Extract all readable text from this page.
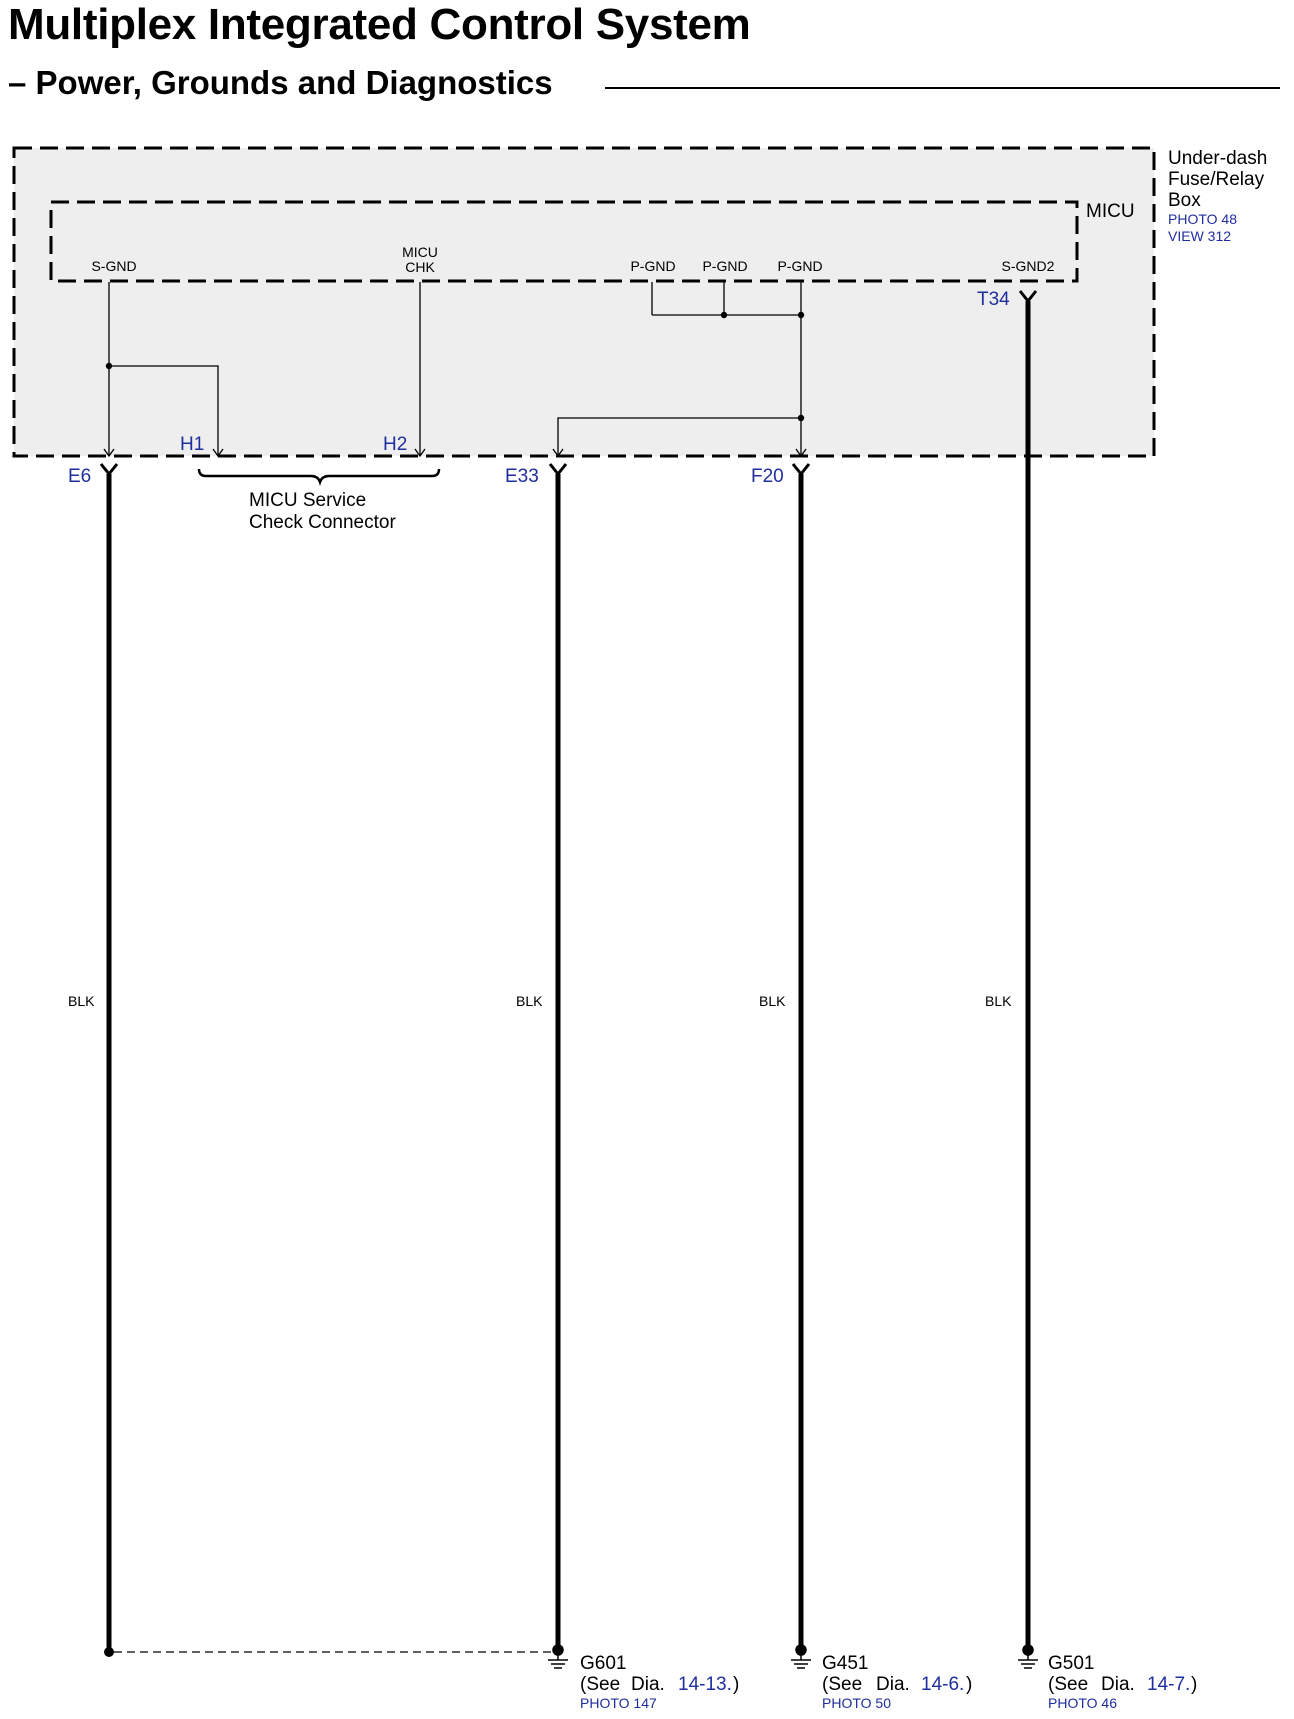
Multiplex Integrated Control System
– Power, Grounds and Diagnostics
Under-dash
Fuse/Relay
Box
PHOTO 48
VIEW 312
MICU
S-GND
MICU
CHK	P-GND P-GND P-GND	S-GND2
E6
H1	H2
E33	F20
T34
MICU Service
Check Connector
BLK	BLK	BLK	BLK
G601
(See Dia. 14-13. )
PHOTO 147
G451
(See Dia. 14-6. )
PHOTO 50
G501
(See Dia. 14-7. )
PHOTO 46
